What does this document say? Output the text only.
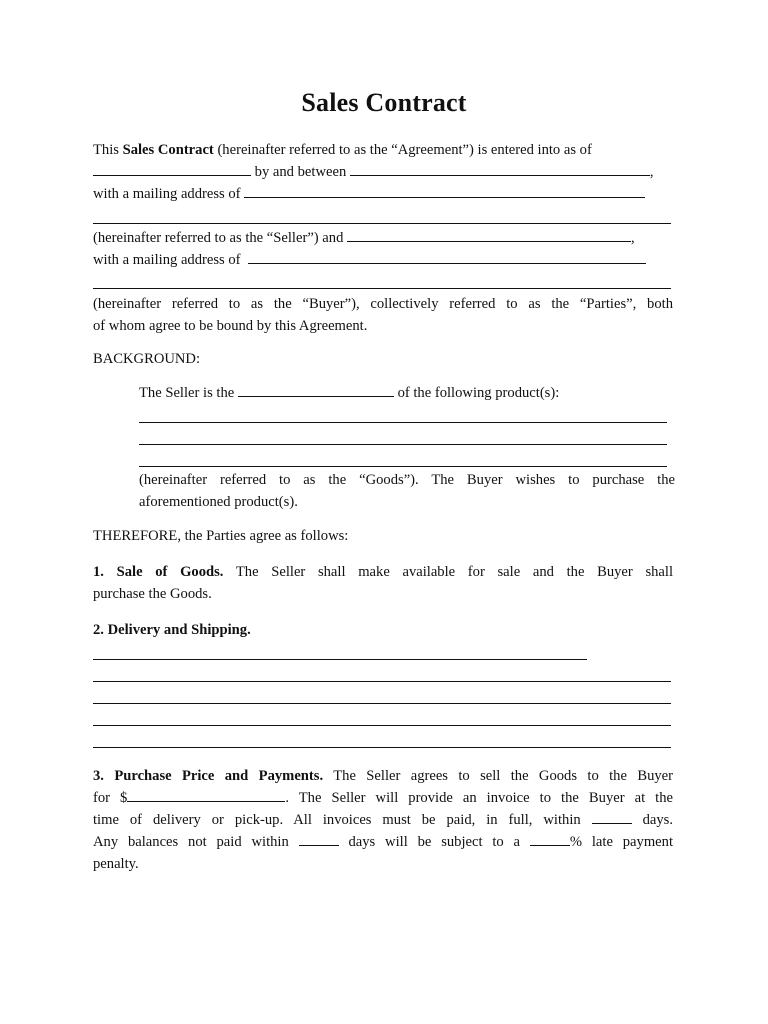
Sales Contract
This Sales Contract (hereinafter referred to as the “Agreement”) is entered into as of
by and between	,
with a mailing address of
(hereinafter referred to as the “Seller”) and	,
with a mailing address of
(hereinafter referred to as the “Buyer”), collectively referred to as the “Parties”, both
of whom agree to be bound by this Agreement.
BACKGROUND:
The Seller is the	of the following product(s):
(hereinafter referred to as the “Goods”). The Buyer wishes to purchase the
aforementioned product(s).
THEREFORE, the Parties agree as follows:
1. Sale of Goods. The Seller shall make available for sale and the Buyer shall
purchase the Goods.
2. Delivery and Shipping.
3. Purchase Price and Payments. The Seller agrees to sell the Goods to the Buyer
for $	. The Seller will provide an invoice to the Buyer at the
time of delivery or pick-up. All invoices must be paid, in full, within	days.
Any balances not paid within	days will be subject to a	% late payment
penalty.
